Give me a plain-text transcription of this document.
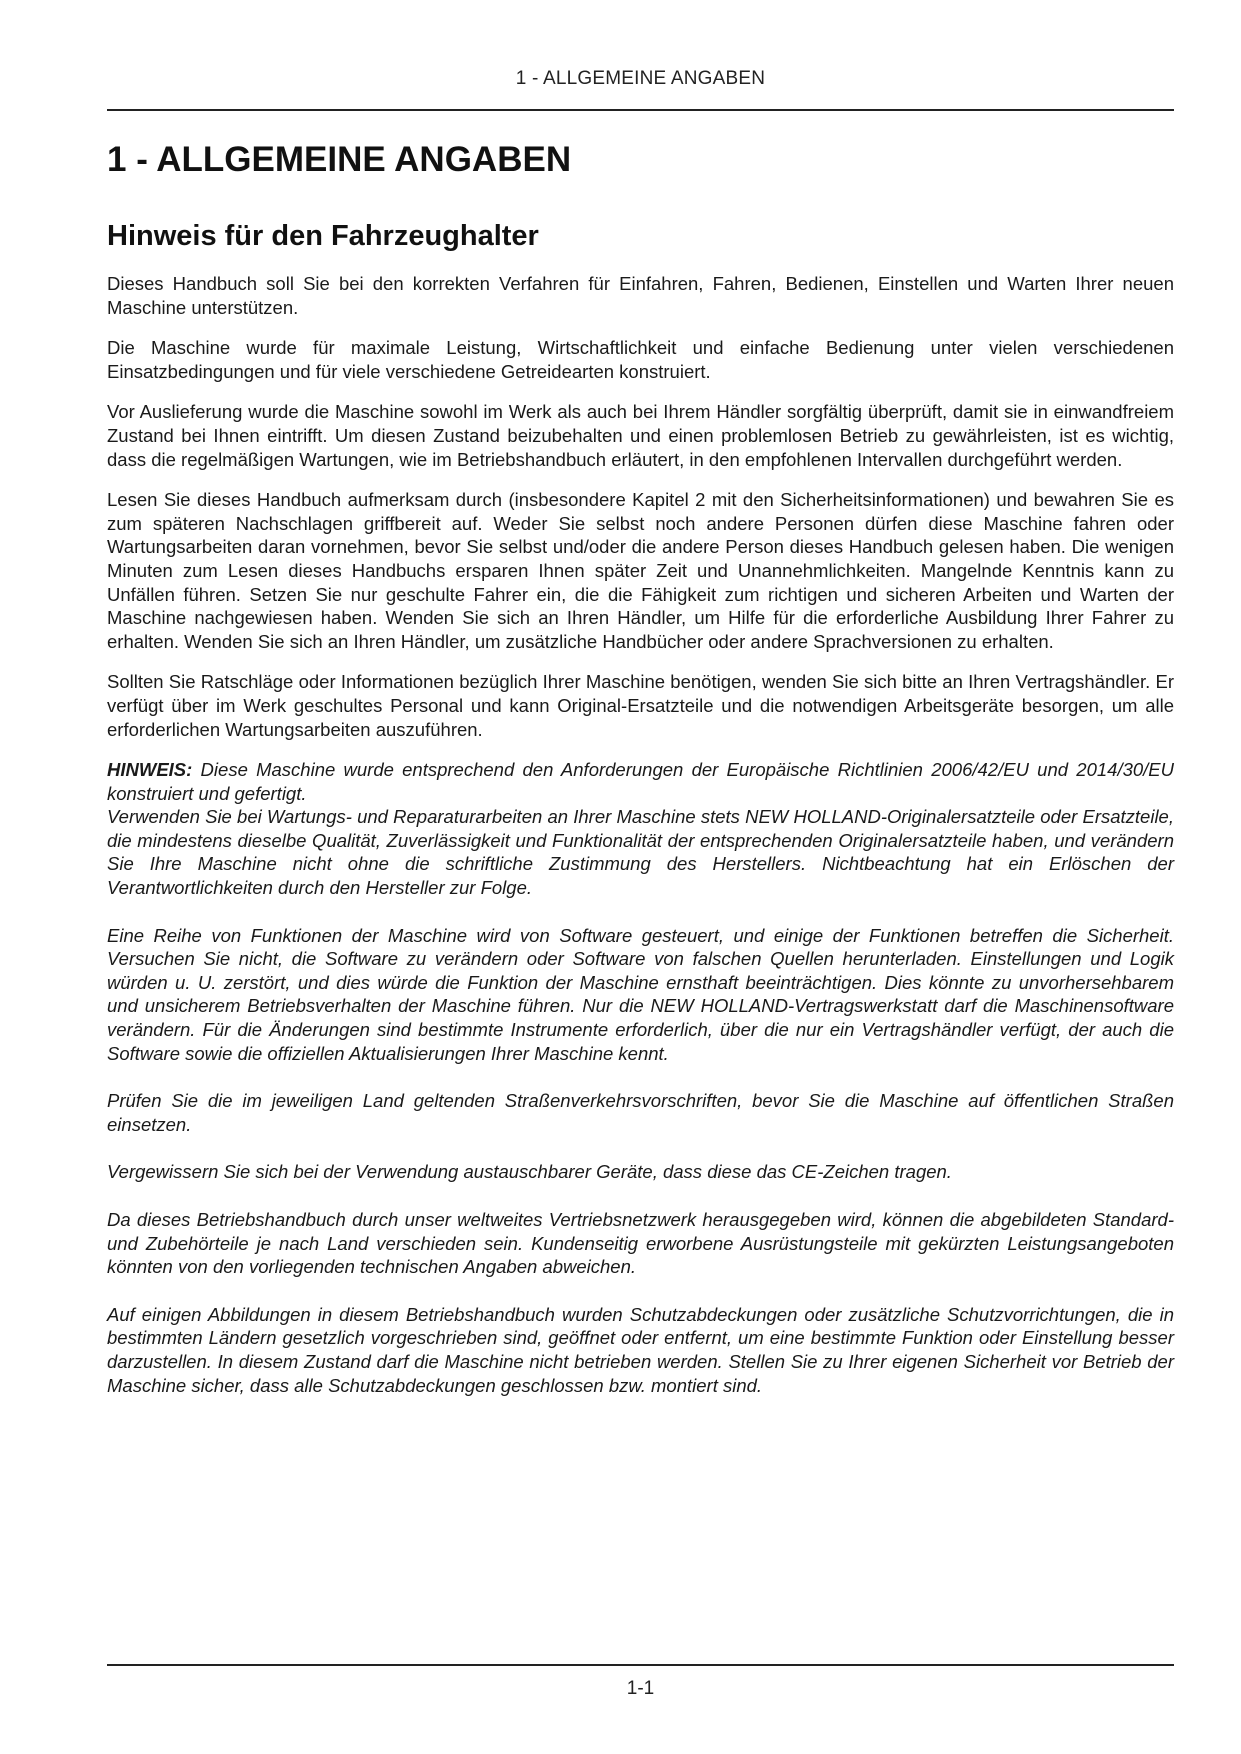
1 - ALLGEMEINE ANGABEN
1 - ALLGEMEINE ANGABEN
Hinweis für den Fahrzeughalter

Dieses Handbuch soll Sie bei den korrekten Verfahren für Einfahren, Fahren, Bedienen, Einstellen und Warten Ihrer neuen Maschine unterstützen.

Die Maschine wurde für maximale Leistung, Wirtschaftlichkeit und einfache Bedienung unter vielen verschiedenen Einsatzbedingungen und für viele verschiedene Getreidearten konstruiert.

Vor Auslieferung wurde die Maschine sowohl im Werk als auch bei Ihrem Händler sorgfältig überprüft, damit sie in einwandfreiem Zustand bei Ihnen eintrifft. Um diesen Zustand beizubehalten und einen problemlosen Betrieb zu gewährleisten, ist es wichtig, dass die regelmäßigen Wartungen, wie im Betriebshandbuch erläutert, in den empfohlenen Intervallen durchgeführt werden.

Lesen Sie dieses Handbuch aufmerksam durch (insbesondere Kapitel 2 mit den Sicherheitsinformationen) und bewahren Sie es zum späteren Nachschlagen griffbereit auf. Weder Sie selbst noch andere Personen dürfen diese Maschine fahren oder Wartungsarbeiten daran vornehmen, bevor Sie selbst und/oder die andere Person dieses Handbuch gelesen haben. Die wenigen Minuten zum Lesen dieses Handbuchs ersparen Ihnen später Zeit und Unannehmlichkeiten. Mangelnde Kenntnis kann zu Unfällen führen. Setzen Sie nur geschulte Fahrer ein, die die Fähigkeit zum richtigen und sicheren Arbeiten und Warten der Maschine nachgewiesen haben. Wenden Sie sich an Ihren Händler, um Hilfe für die erforderliche Ausbildung Ihrer Fahrer zu erhalten. Wenden Sie sich an Ihren Händler, um zusätzliche Handbücher oder andere Sprachversionen zu erhalten.

Sollten Sie Ratschläge oder Informationen bezüglich Ihrer Maschine benötigen, wenden Sie sich bitte an Ihren Vertragshändler. Er verfügt über im Werk geschultes Personal und kann Original-Ersatzteile und die notwendigen Arbeitsgeräte besorgen, um alle erforderlichen Wartungsarbeiten auszuführen.

HINWEIS: Diese Maschine wurde entsprechend den Anforderungen der Europäische Richtlinien 2006/42/EU und 2014/30/EU konstruiert und gefertigt.

Verwenden Sie bei Wartungs- und Reparaturarbeiten an Ihrer Maschine stets NEW HOLLAND-Originalersatzteile oder Ersatzteile, die mindestens dieselbe Qualität, Zuverlässigkeit und Funktionalität der entsprechenden Originalersatzteile haben, und verändern Sie Ihre Maschine nicht ohne die schriftliche Zustimmung des Herstellers. Nichtbeachtung hat ein Erlöschen der Verantwortlichkeiten durch den Hersteller zur Folge.

Eine Reihe von Funktionen der Maschine wird von Software gesteuert, und einige der Funktionen betreffen die Sicherheit. Versuchen Sie nicht, die Software zu verändern oder Software von falschen Quellen herunterladen. Einstellungen und Logik würden u. U. zerstört, und dies würde die Funktion der Maschine ernsthaft beeinträchtigen. Dies könnte zu unvorhersehbarem und unsicherem Betriebsverhalten der Maschine führen. Nur die NEW HOLLAND-Vertragswerkstatt darf die Maschinensoftware verändern. Für die Änderungen sind bestimmte Instrumente erforderlich, über die nur ein Vertragshändler verfügt, der auch die Software sowie die offiziellen Aktualisierungen Ihrer Maschine kennt.

Prüfen Sie die im jeweiligen Land geltenden Straßenverkehrsvorschriften, bevor Sie die Maschine auf öffentlichen Straßen einsetzen.

Vergewissern Sie sich bei der Verwendung austauschbarer Geräte, dass diese das CE-Zeichen tragen.

Da dieses Betriebshandbuch durch unser weltweites Vertriebsnetzwerk herausgegeben wird, können die abgebildeten Standard- und Zubehörteile je nach Land verschieden sein. Kundenseitig erworbene Ausrüstungsteile mit gekürzten Leistungsangeboten könnten von den vorliegenden technischen Angaben abweichen.

Auf einigen Abbildungen in diesem Betriebshandbuch wurden Schutzabdeckungen oder zusätzliche Schutzvorrichtungen, die in bestimmten Ländern gesetzlich vorgeschrieben sind, geöffnet oder entfernt, um eine bestimmte Funktion oder Einstellung besser darzustellen. In diesem Zustand darf die Maschine nicht betrieben werden. Stellen Sie zu Ihrer eigenen Sicherheit vor Betrieb der Maschine sicher, dass alle Schutzabdeckungen geschlossen bzw. montiert sind.

1-1
